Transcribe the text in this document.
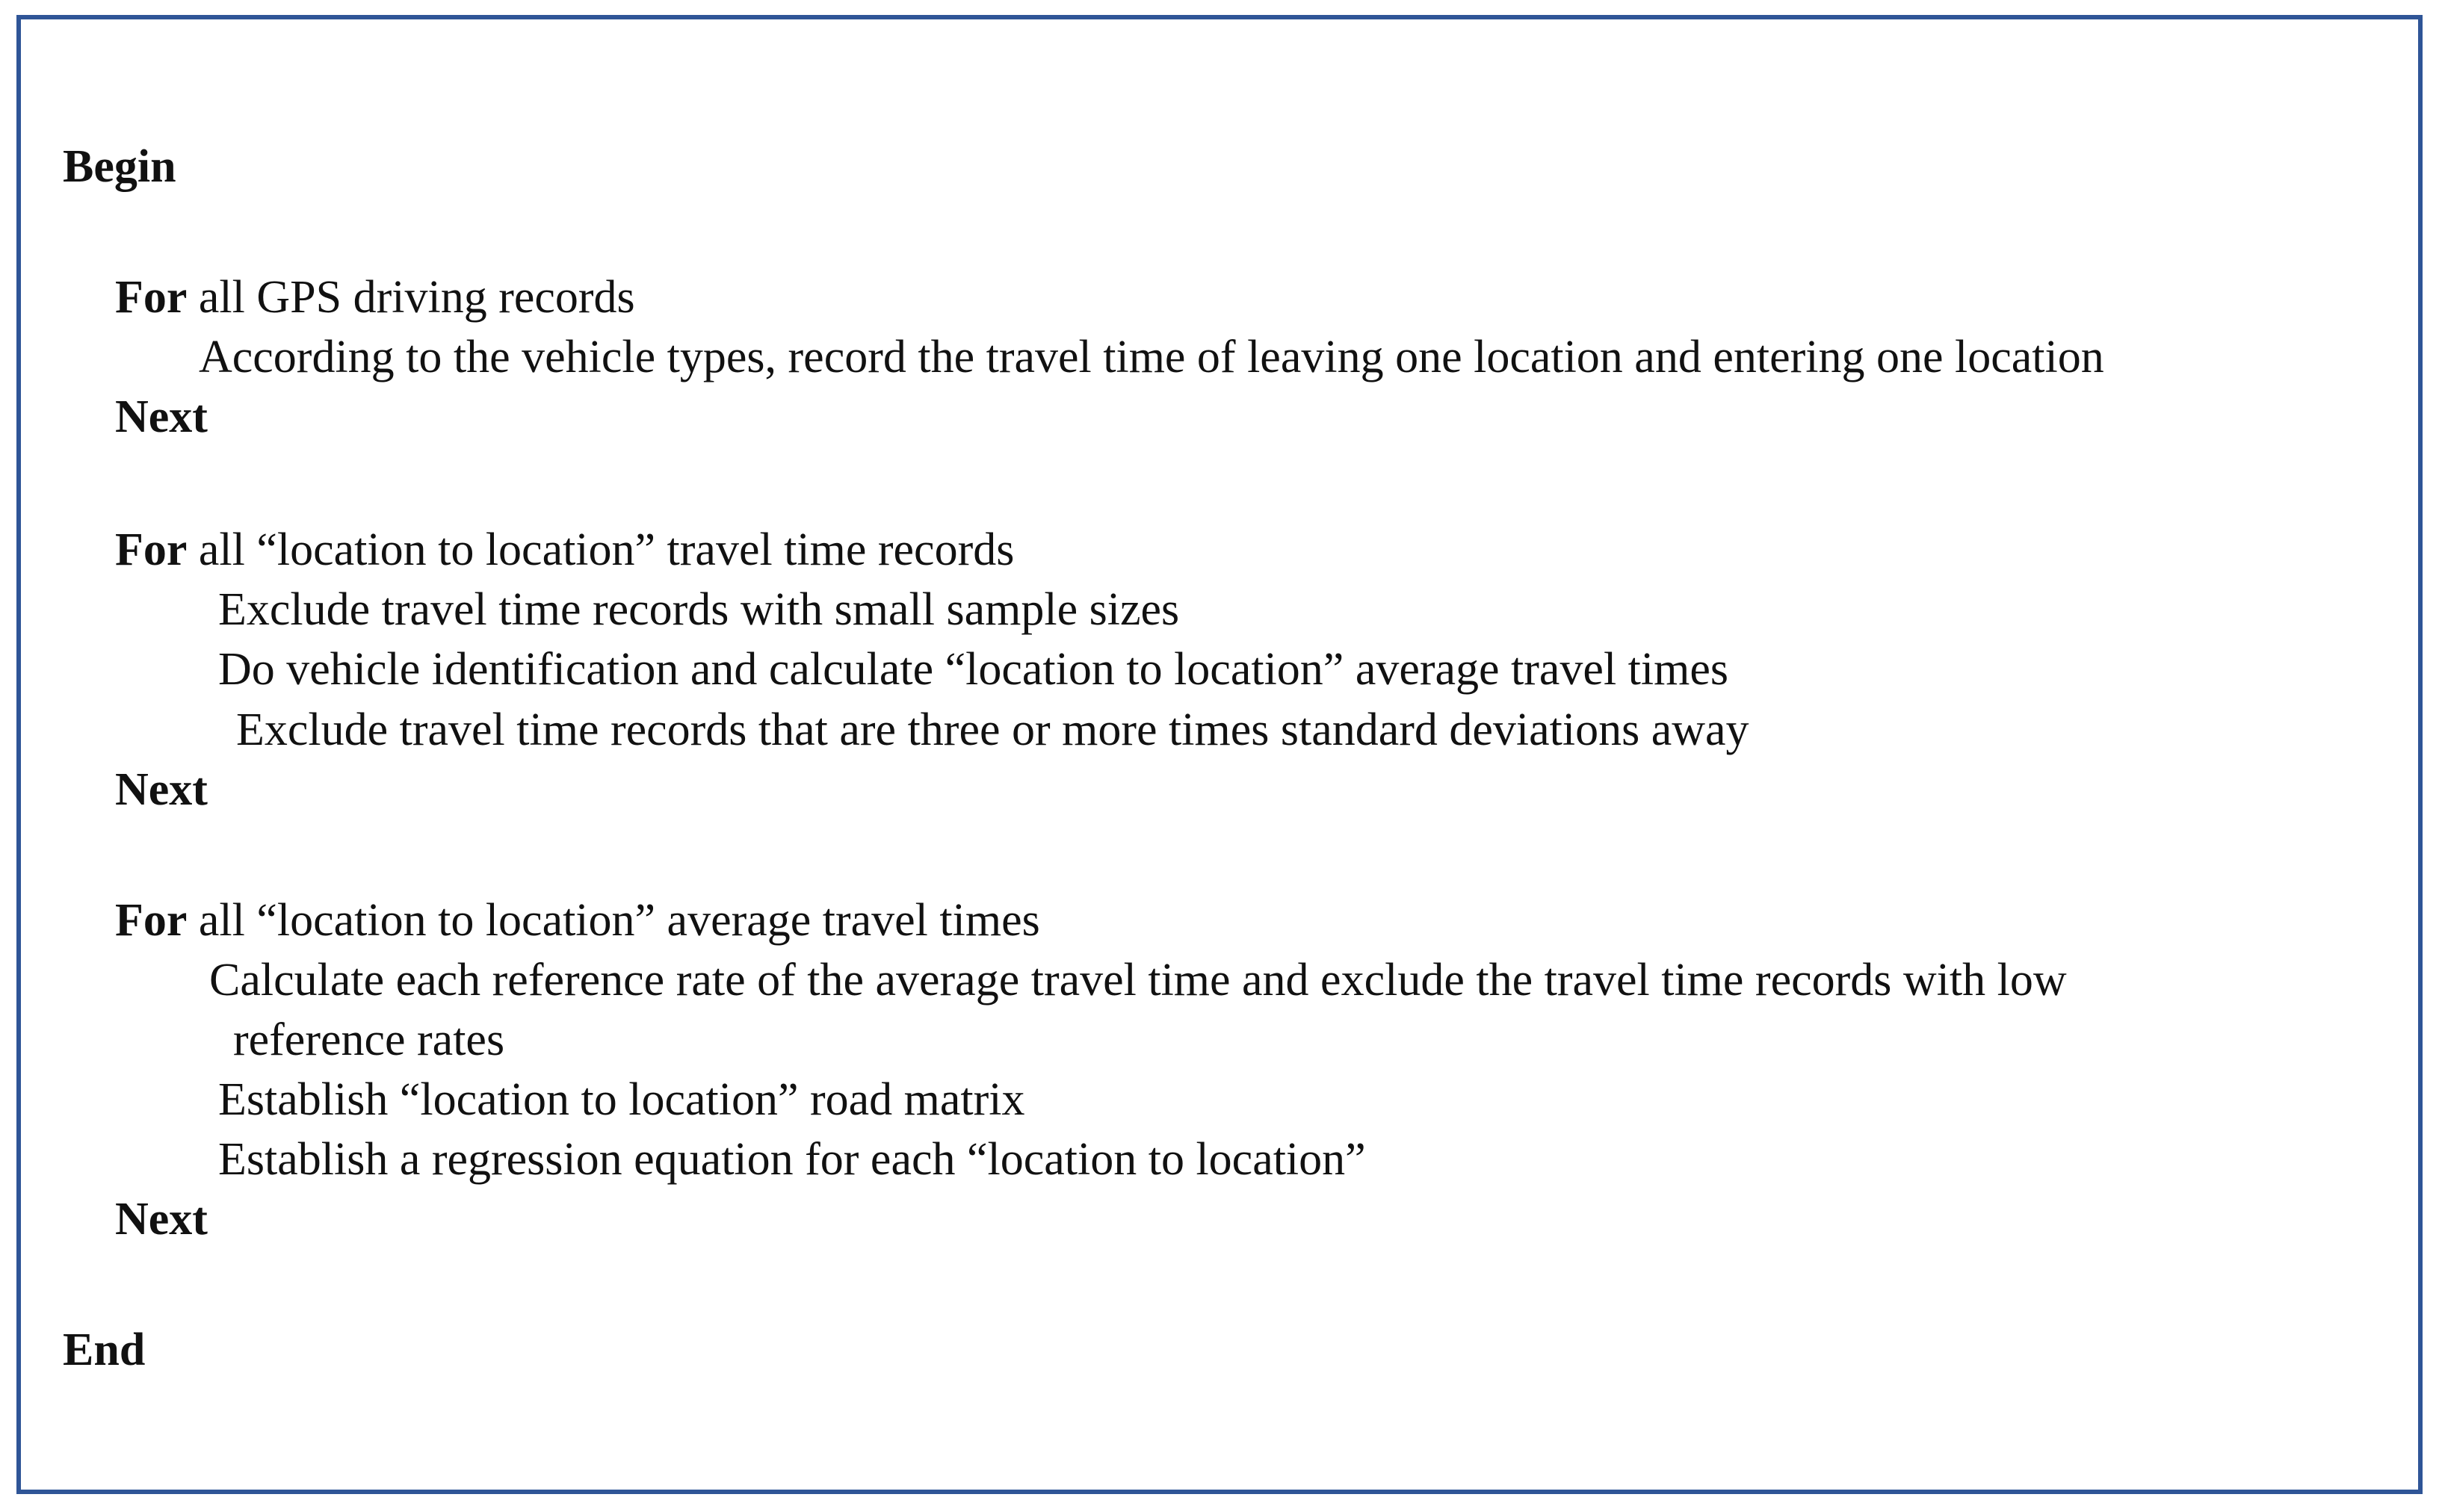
Begin
For all GPS driving records
According to the vehicle types, record the travel time of leaving one location and entering one location
Next
For all “location to location” travel time records
Exclude travel time records with small sample sizes
Do vehicle identification and calculate “location to location” average travel times
Exclude travel time records that are three or more times standard deviations away
Next
For all “location to location” average travel times
Calculate each reference rate of the average travel time and exclude the travel time records with low
reference rates
Establish “location to location” road matrix
Establish a regression equation for each “location to location”
Next
End
